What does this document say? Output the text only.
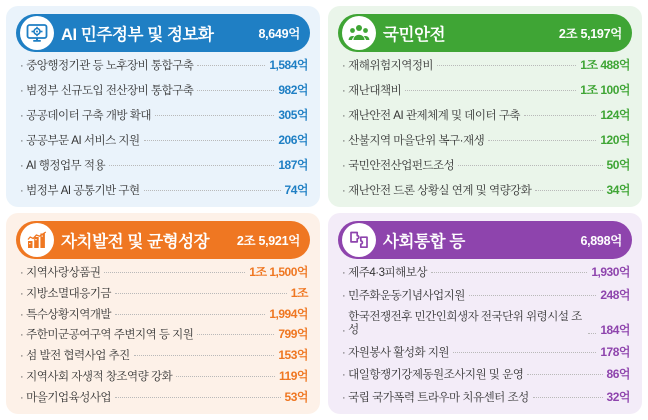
AI 민주정부 및 정보화	8,649억
· 중앙행정기관 등 노후장비 통합구축	1,584억
· 범정부 신규도입 전산장비 통합구축	982억
· 공공데이터 구축 개방 확대	305억
· 공공부문 AI 서비스 지원	206억
· AI 행정업무 적용	187억
· 범정부 AI 공통기반 구현	74억
국민안전	2조 5,197억
· 재해위험지역정비	1조 488억
· 재난대책비	1조 100억
· 재난안전 AI 관제체계 및 데이터 구축	124억
· 산불지역 마을단위 복구·재생	120억
· 국민안전산업펀드조성	50억
· 재난안전 드론 상황실 연계 및 역량강화	34억
자치발전 및 균형성장 2조 5,921억
· 지역사랑상품권	1조 1,500억
· 지방소멸대응기금	1조
· 특수상황지역개발	1,994억
· 주한미군공여구역 주변지역 등 지원	799억
· 섬 발전 협력사업 추진	153억
· 지역사회 자생적 창조역량 강화	119억
· 마을기업육성사업	53억
사회통합 등	6,898억
· 제주4·3피해보상	1,930억
· 민주화운동기념사업지원	248억
·
한국전쟁전후 민간인희생자 전국단위 위령시설 조성	184억
· 자원봉사 활성화 지원	178억
· 대일항쟁기강제동원조사지원 및 운영	86억
· 국립 국가폭력 트라우마 치유센터 조성	32억
